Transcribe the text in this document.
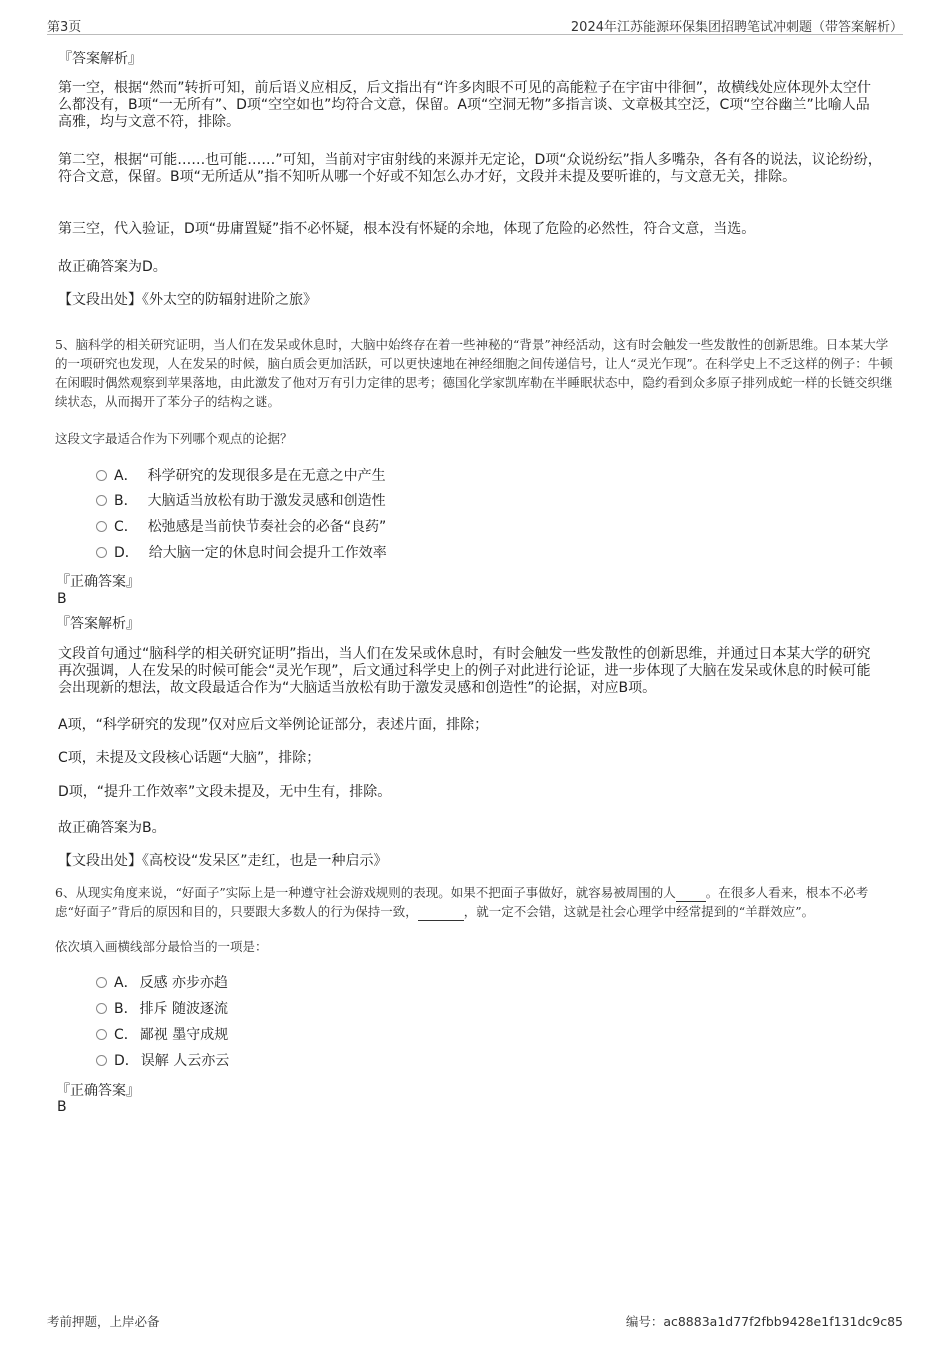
第3页	2024年江苏能源环保集团招聘笔试冲刺题（带答案解析）

『答案解析』

第一空，根据“然而”转折可知，前后语义应相反，后文指出有“许多肉眼不可见的高能粒子在宇宙中徘徊”，故横线处应体现外太空什么都没有，B项“一无所有”、D项“空空如也”均符合文意，保留。A项“空洞无物”多指言谈、文章极其空泛，C项“空谷幽兰”比喻人品高雅，均与文意不符，排除。

第二空，根据“可能……也可能……”可知，当前对宇宙射线的来源并无定论，D项“众说纷纭”指人多嘴杂，各有各的说法，议论纷纷，符合文意，保留。B项“无所适从”指不知听从哪一个好或不知怎么办才好，文段并未提及要听谁的，与文意无关，排除。

第三空，代入验证，D项“毋庸置疑”指不必怀疑，根本没有怀疑的余地，体现了危险的必然性，符合文意，当选。

故正确答案为D。

【文段出处】《外太空的防辐射进阶之旅》

5、脑科学的相关研究证明，当人们在发呆或休息时，大脑中始终存在着一些神秘的“背景”神经活动，这有时会触发一些发散性的创新思维。日本某大学的一项研究也发现，人在发呆的时候，脑白质会更加活跃，可以更快速地在神经细胞之间传递信号，让人“灵光乍现”。在科学史上不乏这样的例子：牛顿在闲暇时偶然观察到苹果落地，由此激发了他对万有引力定律的思考；德国化学家凯库勒在半睡眠状态中，隐约看到众多原子排列成蛇一样的长链交织继续状态，从而揭开了苯分子的结构之谜。

这段文字最适合作为下列哪个观点的论据？

A． 科学研究的发现很多是在无意之中产生
B． 大脑适当放松有助于激发灵感和创造性
C． 松弛感是当前快节奏社会的必备“良药”
D． 给大脑一定的休息时间会提升工作效率

『正确答案』

B

『答案解析』

文段首句通过“脑科学的相关研究证明”指出，当人们在发呆或休息时，有时会触发一些发散性的创新思维，并通过日本某大学的研究再次强调，人在发呆的时候可能会“灵光乍现”，后文通过科学史上的例子对此进行论证，进一步体现了大脑在发呆或休息的时候可能会出现新的想法，故文段最适合作为“大脑适当放松有助于激发灵感和创造性”的论据，对应B项。

A项，“科学研究的发现”仅对应后文举例论证部分，表述片面，排除；

C项，未提及文段核心话题“大脑”，排除；

D项，“提升工作效率”文段未提及，无中生有，排除。

故正确答案为B。

【文段出处】《高校设“发呆区”走红，也是一种启示》

6、从现实角度来说，“好面子”实际上是一种遵守社会游戏规则的表现。如果不把面子事做好，就容易被周围的人 。在很多人看来，根本不必考虑“好面子”背后的原因和目的，只要跟大多数人的行为保持一致，	，就一定不会错，这就是社会心理学中经常提到的“羊群效应”。

依次填入画横线部分最恰当的一项是：

A． 反感 亦步亦趋
B． 排斥 随波逐流
C． 鄙视 墨守成规
D． 误解 人云亦云

『正确答案』

B

考前押题，上岸必备	编号：ac8883a1d77f2fbb9428e1f131dc9c85
